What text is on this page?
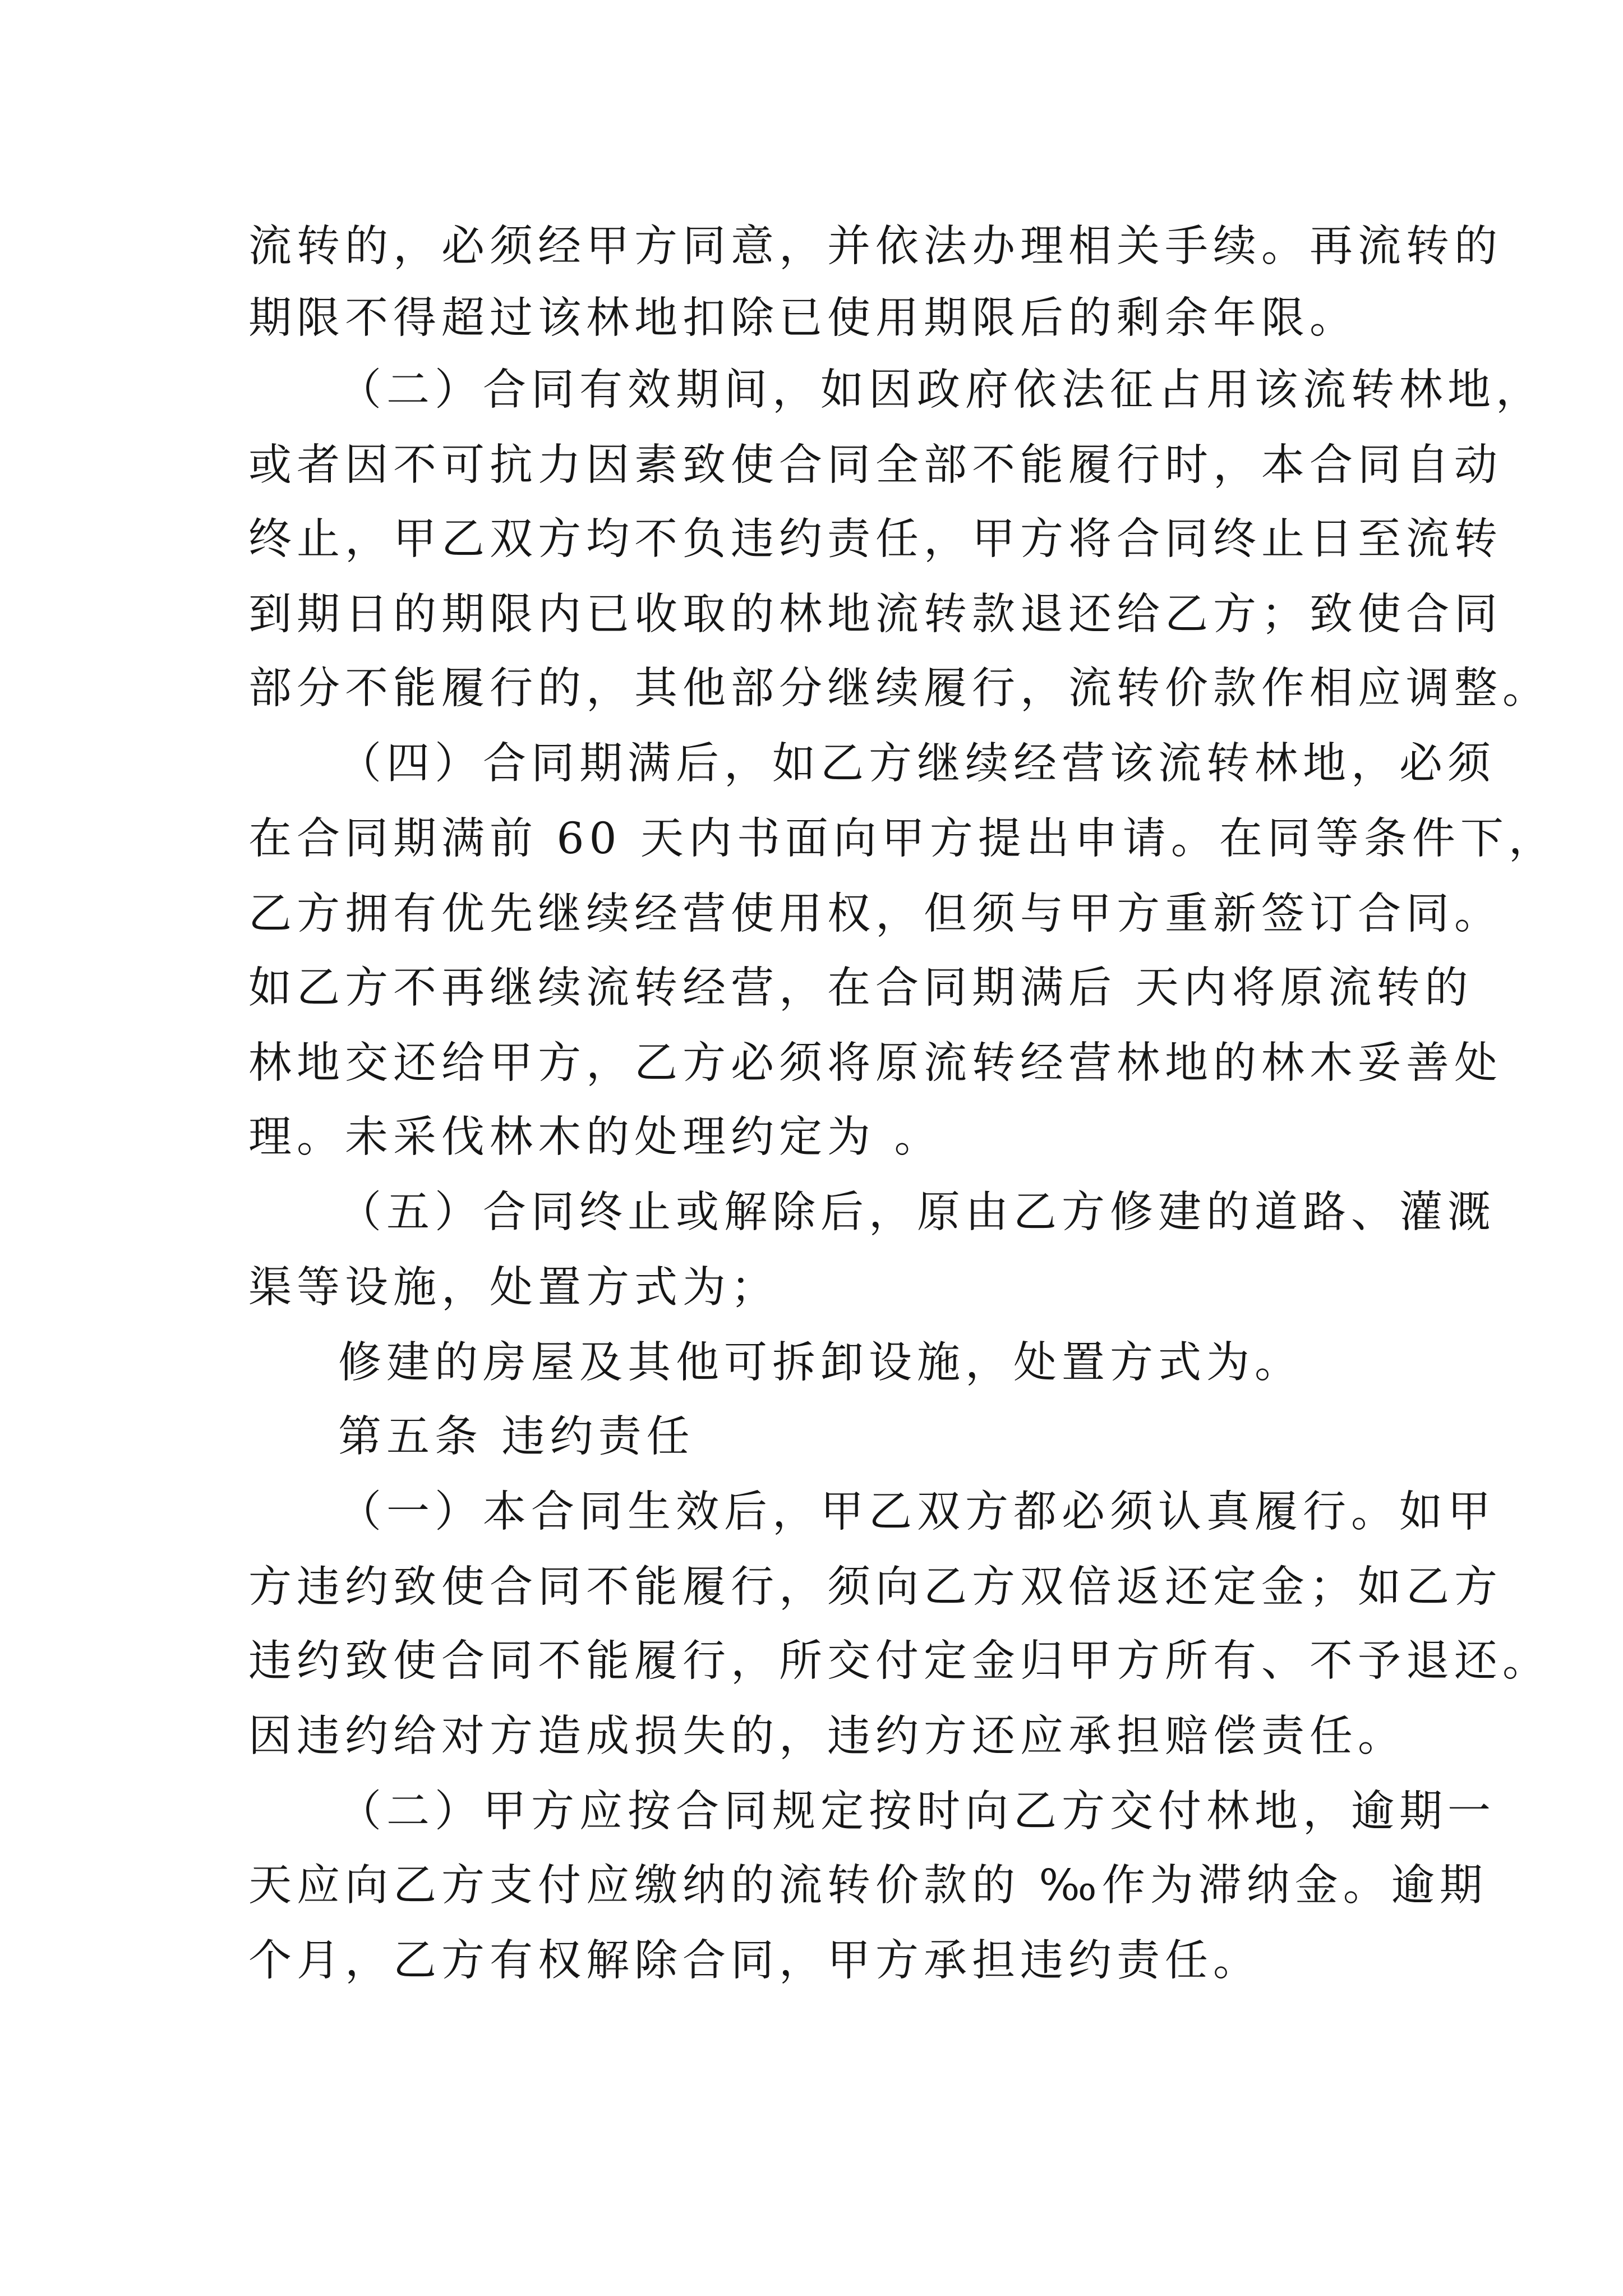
流转的，必须经甲方同意，并依法办理相关手续。再流转的
期限不得超过该林地扣除已使用期限后的剩余年限。
（二）合同有效期间，如因政府依法征占用该流转林地，
或者因不可抗力因素致使合同全部不能履行时，本合同自动
终止，甲乙双方均不负违约责任，甲方将合同终止日至流转
到期日的期限内已收取的林地流转款退还给乙方；致使合同
部分不能履行的，其他部分继续履行，流转价款作相应调整。
（四）合同期满后，如乙方继续经营该流转林地，必须
在合同期满前 60 天内书面向甲方提出申请。在同等条件下，
乙方拥有优先继续经营使用权，但须与甲方重新签订合同。
如乙方不再继续流转经营，在合同期满后 天内将原流转的
林地交还给甲方，乙方必须将原流转经营林地的林木妥善处
理。未采伐林木的处理约定为 。
（五）合同终止或解除后，原由乙方修建的道路、灌溉
渠等设施，处置方式为；
修建的房屋及其他可拆卸设施，处置方式为。
第五条 违约责任
（一）本合同生效后，甲乙双方都必须认真履行。如甲
方违约致使合同不能履行，须向乙方双倍返还定金；如乙方
违约致使合同不能履行，所交付定金归甲方所有、不予退还。
因违约给对方造成损失的，违约方还应承担赔偿责任。
（二）甲方应按合同规定按时向乙方交付林地，逾期一
天应向乙方支付应缴纳的流转价款的 ‰作为滞纳金。逾期
个月，乙方有权解除合同，甲方承担违约责任。
